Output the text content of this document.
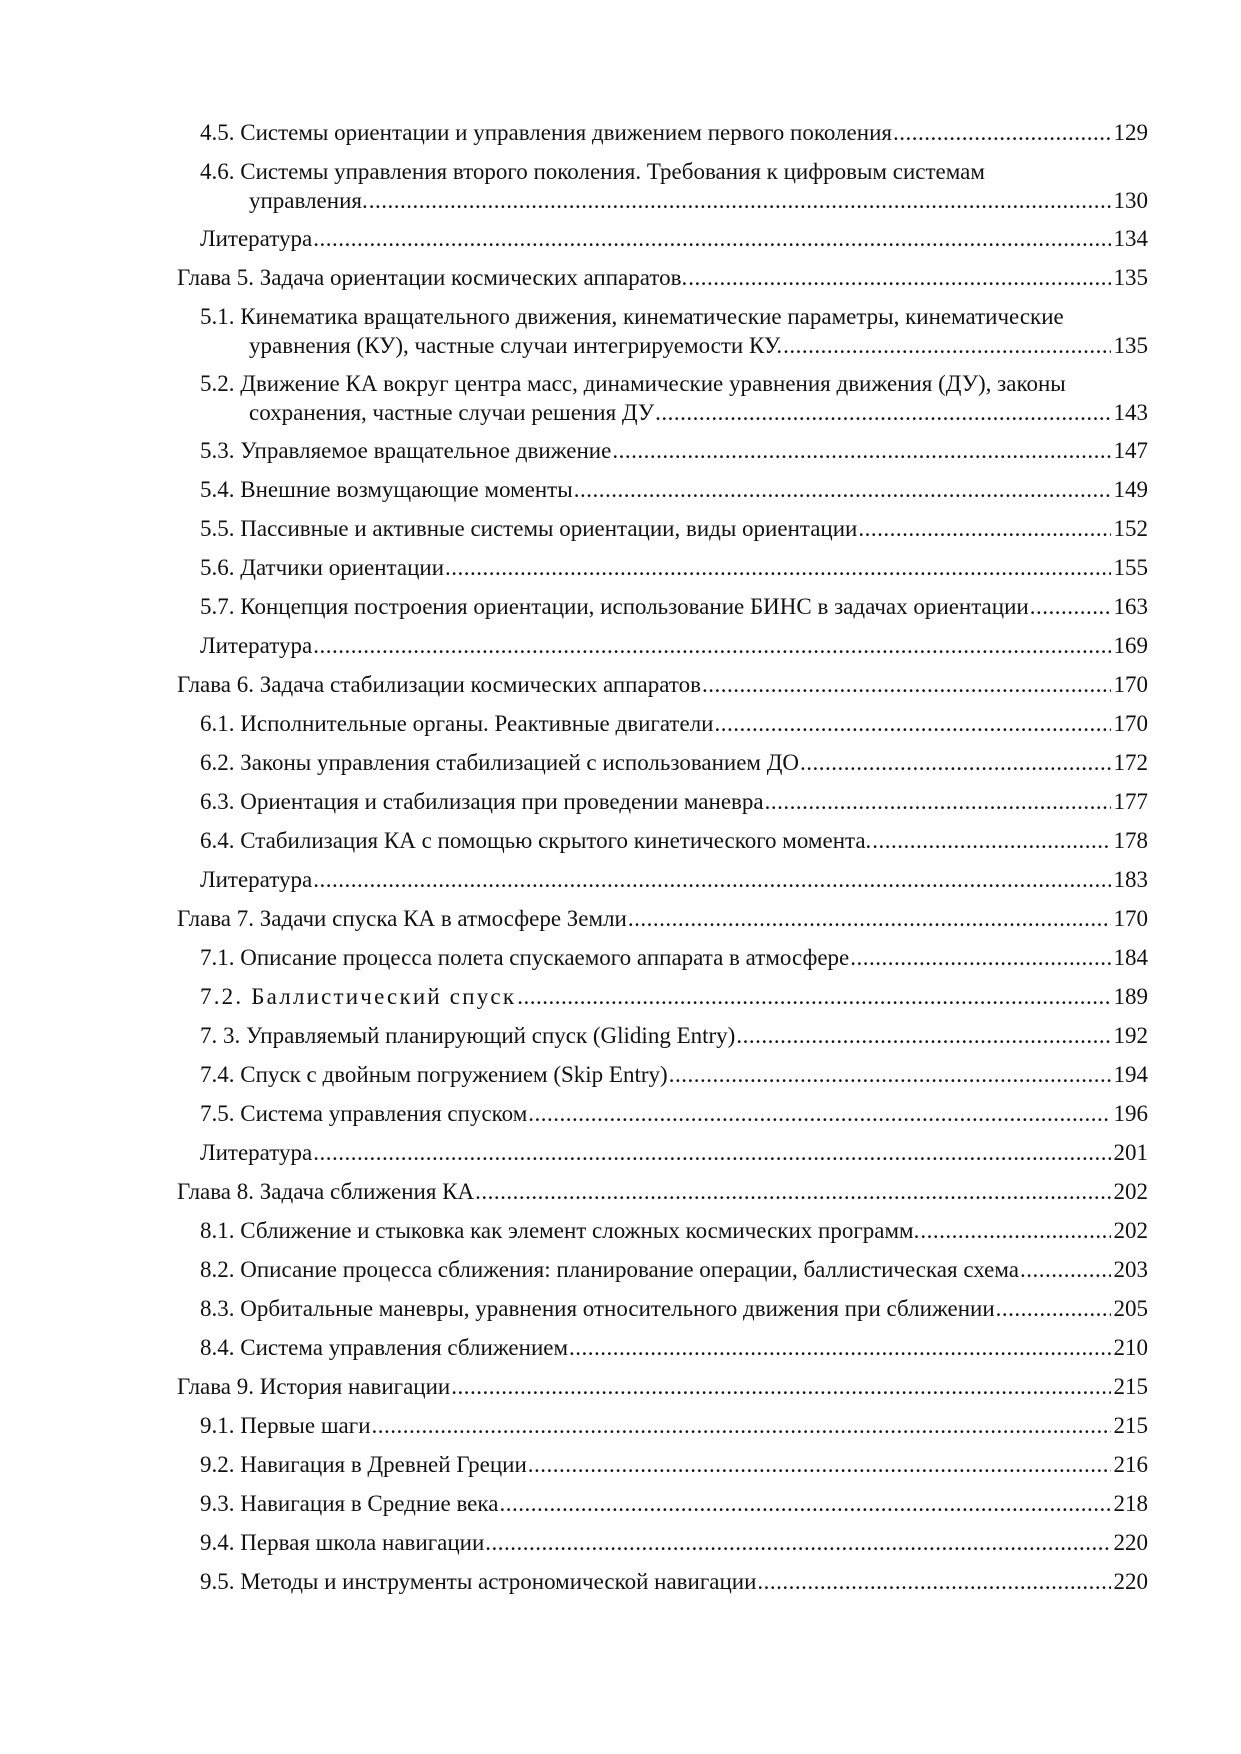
4.5. Системы ориентации и управления движением первого поколения .....	129
4.6. Системы управления второго поколения. Требования к цифровым системам
управления. .....	130
Литература .....	134
Глава 5. Задача ориентации космических аппаратов. .....	135
5.1. Кинематика вращательного движения, кинематические параметры, кинематические
уравнения (КУ), частные случаи интегрируемости КУ. .....	135
5.2. Движение КА вокруг центра масс, динамические уравнения движения (ДУ), законы
сохранения, частные случаи решения ДУ .....	143
5.3. Управляемое вращательное движение .....	147
5.4. Внешние возмущающие моменты .....	149
5.5. Пассивные и активные системы ориентации, виды ориентации .....	152
5.6. Датчики ориентации .....	155
5.7. Концепция построения ориентации, использование БИНС в задачах ориентации .....	163
Литература .....	169
Глава 6. Задача стабилизации космических аппаратов .....	170
6.1. Исполнительные органы. Реактивные двигатели .....	170
6.2. Законы управления стабилизацией с использованием ДО .....	172
6.3. Ориентация и стабилизация при проведении маневра .....	177
6.4. Стабилизация КА с помощью скрытого кинетического момента. .....	178
Литература .....	183
Глава 7. Задачи спуска КА в атмосфере Земли .....	170
7.1. Описание процесса полета спускаемого аппарата в атмосфере .....	184
7.2. Баллистический спуск .....	189
7. 3. Управляемый планирующий спуск (Gliding Entry) .....	192
7.4. Спуск с двойным погружением (Skip Entry) .....	194
7.5. Система управления спуском .....	196
Литература .....	201
Глава 8. Задача сближения КА .....	202
8.1. Сближение и стыковка как элемент сложных космических программ. .....	202
8.2. Описание процесса сближения: планирование операции, баллистическая схема .....	203
8.3. Орбитальные маневры, уравнения относительного движения при сближении .....	205
8.4. Система управления сближением .....	210
Глава 9. История навигации .....	215
9.1. Первые шаги .....	215
9.2. Навигация в Древней Греции .....	216
9.3. Навигация в Средние века .....	218
9.4. Первая школа навигации .....	220
9.5. Методы и инструменты астрономической навигации .....	220
